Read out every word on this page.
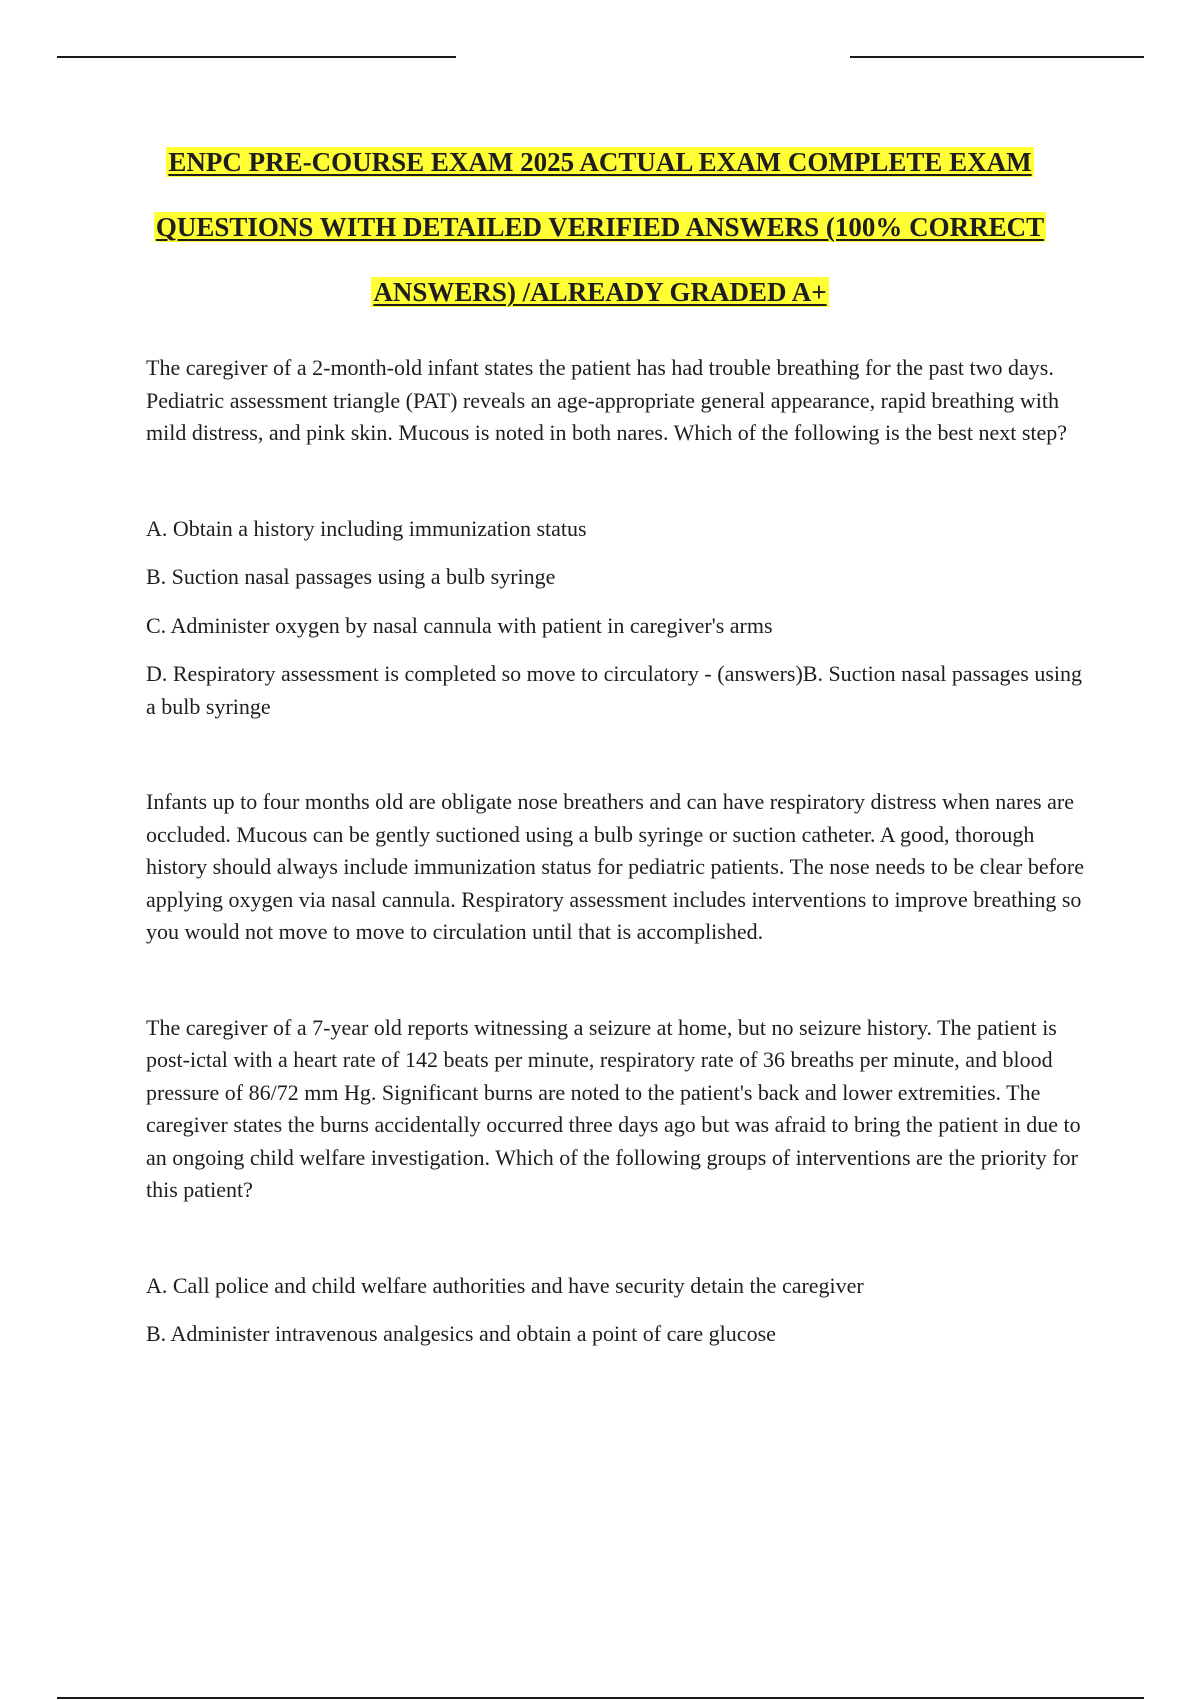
ENPC PRE-COURSE EXAM 2025 ACTUAL EXAM COMPLETE EXAM
QUESTIONS WITH DETAILED VERIFIED ANSWERS (100% CORRECT
ANSWERS) /ALREADY GRADED A+

The caregiver of a 2-month-old infant states the patient has had trouble breathing for the past two days. Pediatric assessment triangle (PAT) reveals an age-appropriate general appearance, rapid breathing with mild distress, and pink skin. Mucous is noted in both nares. Which of the following is the best next step?

A. Obtain a history including immunization status

B. Suction nasal passages using a bulb syringe

C. Administer oxygen by nasal cannula with patient in caregiver's arms

D. Respiratory assessment is completed so move to circulatory - (answers)B. Suction nasal passages using a bulb syringe

Infants up to four months old are obligate nose breathers and can have respiratory distress when nares are occluded. Mucous can be gently suctioned using a bulb syringe or suction catheter. A good, thorough history should always include immunization status for pediatric patients. The nose needs to be clear before applying oxygen via nasal cannula. Respiratory assessment includes interventions to improve breathing so you would not move to move to circulation until that is accomplished.

The caregiver of a 7-year old reports witnessing a seizure at home, but no seizure history. The patient is post-ictal with a heart rate of 142 beats per minute, respiratory rate of 36 breaths per minute, and blood pressure of 86/72 mm Hg. Significant burns are noted to the patient's back and lower extremities. The caregiver states the burns accidentally occurred three days ago but was afraid to bring the patient in due to an ongoing child welfare investigation. Which of the following groups of interventions are the priority for this patient?

A. Call police and child welfare authorities and have security detain the caregiver

B. Administer intravenous analgesics and obtain a point of care glucose
